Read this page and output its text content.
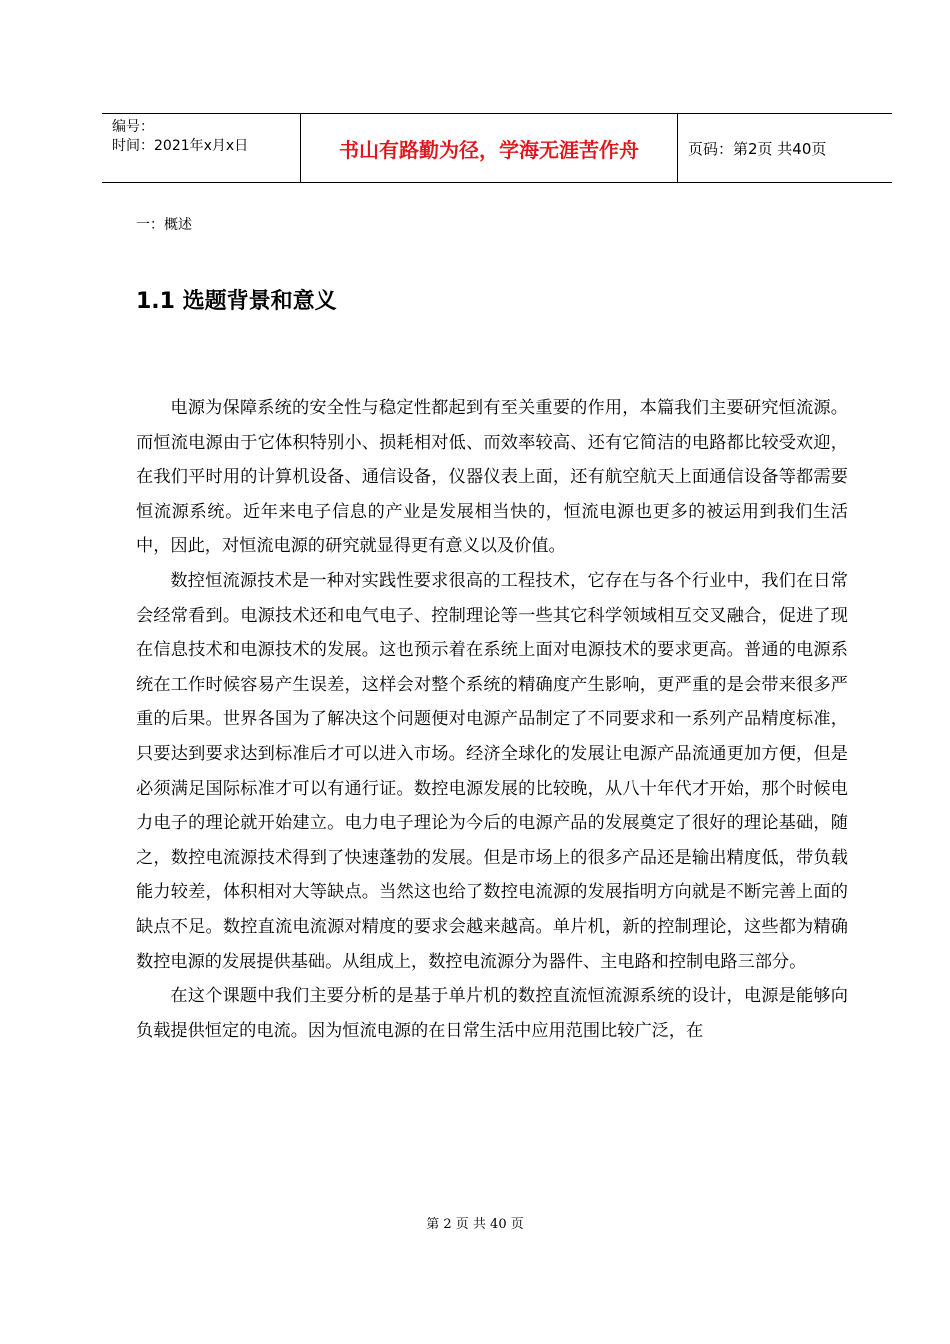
编号：
时间：2021年x月x日	书山有路勤为径，学海无涯苦作舟	页码：第2页 共40页
一：概述
1.1 选题背景和意义

电源为保障系统的安全性与稳定性都起到有至关重要的作用，本篇我们主要研究恒流源。而恒流电源由于它体积特别小、损耗相对低、而效率较高、还有它简洁的电路都比较受欢迎，在我们平时用的计算机设备、通信设备，仪器仪表上面，还有航空航天上面通信设备等都需要恒流源系统。近年来电子信息的产业是发展相当快的，恒流电源也更多的被运用到我们生活中，因此，对恒流电源的研究就显得更有意义以及价值。

数控恒流源技术是一种对实践性要求很高的工程技术，它存在与各个行业中，我们在日常会经常看到。电源技术还和电气电子、控制理论等一些其它科学领域相互交叉融合，促进了现在信息技术和电源技术的发展。这也预示着在系统上面对电源技术的要求更高。普通的电源系统在工作时候容易产生误差，这样会对整个系统的精确度产生影响，更严重的是会带来很多严重的后果。世界各国为了解决这个问题便对电源产品制定了不同要求和一系列产品精度标准，只要达到要求达到标准后才可以进入市场。经济全球化的发展让电源产品流通更加方便，但是必须满足国际标准才可以有通行证。数控电源发展的比较晚，从八十年代才开始，那个时候电力电子的理论就开始建立。电力电子理论为今后的电源产品的发展奠定了很好的理论基础，随之，数控电流源技术得到了快速蓬勃的发展。但是市场上的很多产品还是输出精度低，带负载能力较差，体积相对大等缺点。当然这也给了数控电流源的发展指明方向就是不断完善上面的缺点不足。数控直流电流源对精度的要求会越来越高。单片机，新的控制理论，这些都为精确数控电源的发展提供基础。从组成上，数控电流源分为器件、主电路和控制电路三部分。

在这个课题中我们主要分析的是基于单片机的数控直流恒流源系统的设计，电源是能够向负载提供恒定的电流。因为恒流电源的在日常生活中应用范围比较广泛，在

第 2 页 共 40 页
